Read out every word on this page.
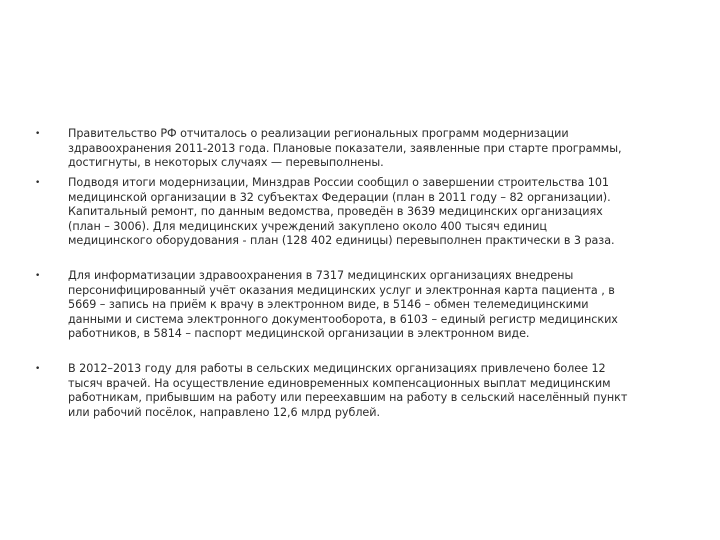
• Правительство РФ отчиталось о реализации региональных программ модернизации
здравоохранения 2011-2013 года. Плановые показатели, заявленные при старте программы,
достигнуты, в некоторых случаях — перевыполнены.
• Подводя итоги модернизации, Минздрав России сообщил о завершении строительства 101
медицинской организации в 32 субъектах Федерации (план в 2011 году – 82 организации).
Капитальный ремонт, по данным ведомства, проведён в 3639 медицинских организациях
(план – 3006). Для медицинских учреждений закуплено около 400 тысяч единиц
медицинского оборудования - план (128 402 единицы) перевыполнен практически в 3 раза.
• Для информатизации здравоохранения в 7317 медицинских организациях внедрены
персонифицированный учёт оказания медицинских услуг и электронная карта пациента , в
5669 – запись на приём к врачу в электронном виде, в 5146 – обмен телемедицинскими
данными и система электронного документооборота, в 6103 – единый регистр медицинских
работников, в 5814 – паспорт медицинской организации в электронном виде.
• В 2012–2013 году для работы в сельских медицинских организациях привлечено более 12
тысяч врачей. На осуществление единовременных компенсационных выплат медицинским
работникам, прибывшим на работу или переехавшим на работу в сельский населённый пункт
или рабочий посёлок, направлено 12,6 млрд рублей.
